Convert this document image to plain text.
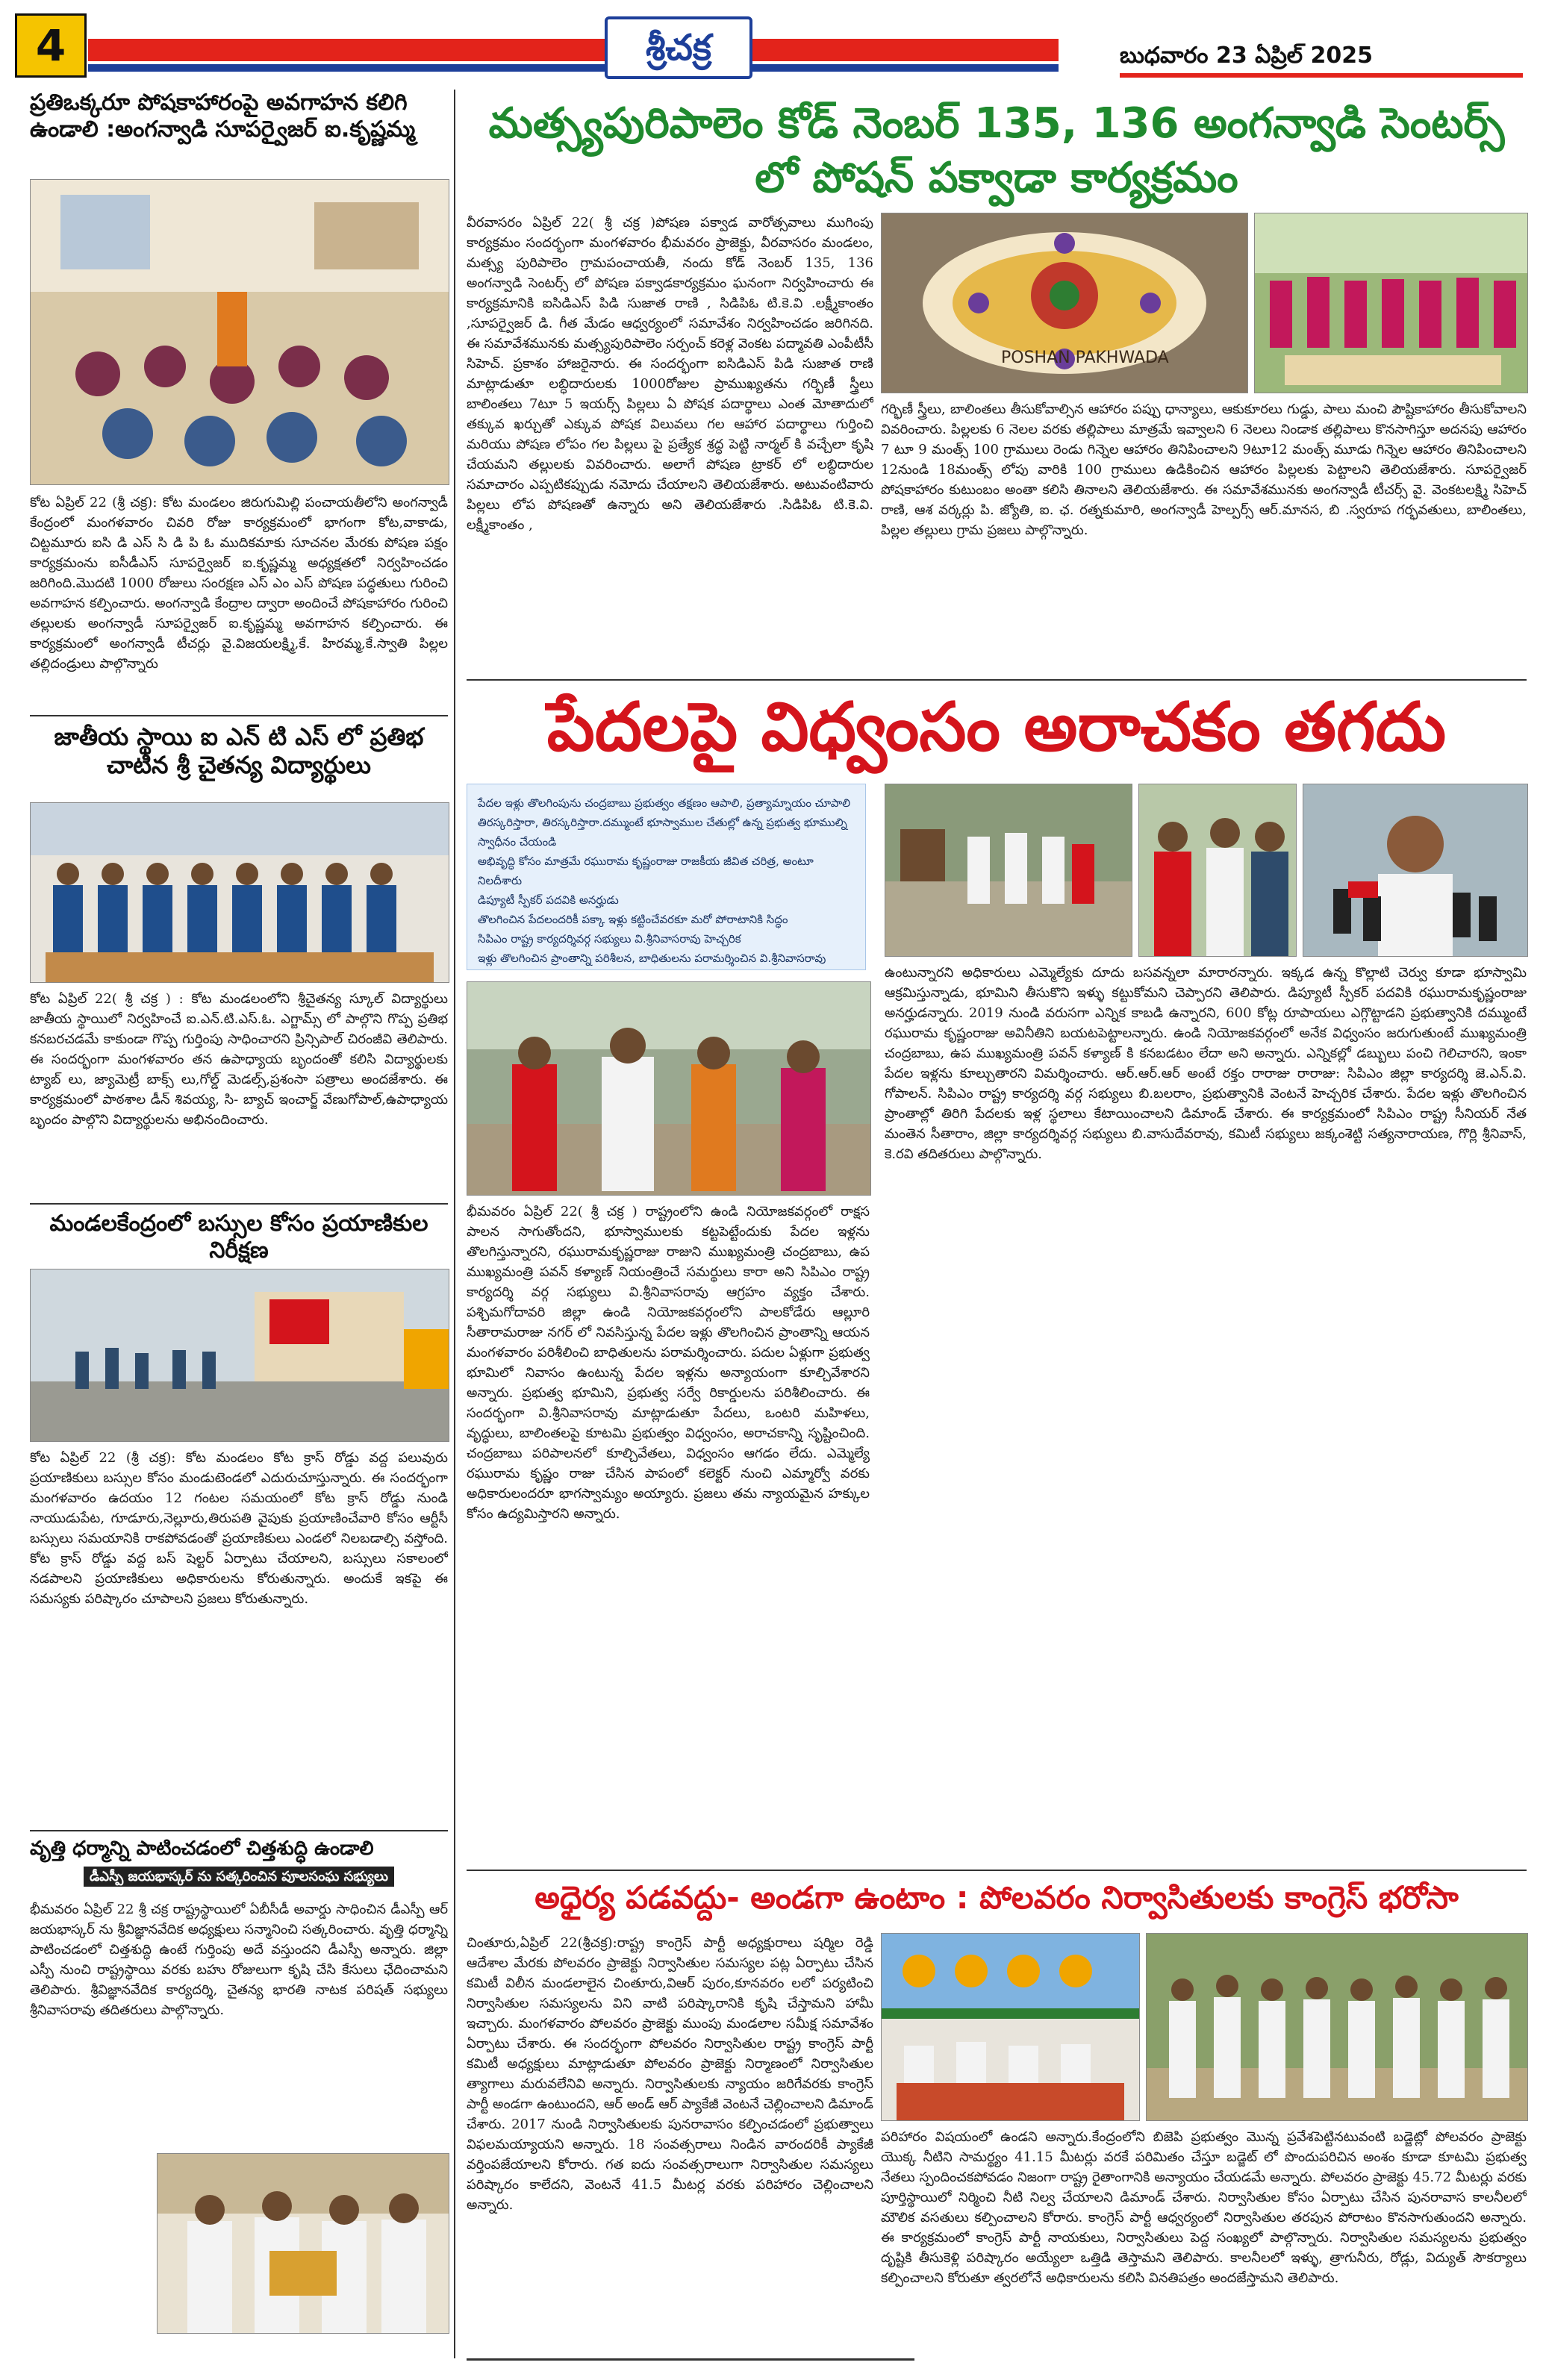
4	శ్రీచక్ర	బుధవారం 23 ఏప్రిల్ 2025
ప్రతిఒక్కరూ పోషకాహారంపై అవగాహన కలిగి ఉండాలి :అంగన్వాడి సూపర్వైజర్ ఐ.కృష్ణమ్మ

కోట ఏప్రిల్ 22 (శ్రీ చక్ర): కోట మండలం జిరుగుమిల్లి పంచాయతీలోని అంగన్వాడీ కేంద్రంలో మంగళవారం చివరి రోజు కార్యక్రమంలో భాగంగా కోట,వాకాడు, చిట్టమూరు ఐసి డి ఎస్ సి డి పి ఓ ముదికమాకు సూచనల మేరకు పోషణ పక్షం కార్యక్రమంను ఐసీడీఎస్ సూపర్వైజర్ ఐ.కృష్ణమ్మ అధ్యక్షతలో నిర్వహించడం జరిగింది.మొదటి 1000 రోజులు సంరక్షణ ఎస్ ఎం ఎస్ పోషణ పద్ధతులు గురించి అవగాహన కల్పించారు. అంగన్వాడి కేంద్రాల ద్వారా అందించే పోషకాహారం గురించి తల్లులకు అంగన్వాడీ సూపర్వైజర్ ఐ.కృష్ణమ్మ అవగాహన కల్పించారు. ఈ కార్యక్రమంలో అంగన్వాడీ టీచర్లు వై.విజయలక్ష్మి,కే. హిరమ్మ,కే.స్వాతి పిల్లల తల్లిదండ్రులు పాల్గొన్నారు

జాతీయ స్థాయి ఐ ఎన్ టి ఎస్ లో ప్రతిభ చాటిన శ్రీ చైతన్య విద్యార్థులు

కోట ఏప్రిల్ 22( శ్రీ చక్ర ) : కోట మండలంలోని శ్రీచైతన్య స్కూల్ విద్యార్థులు జాతీయ స్థాయిలో నిర్వహించే ఐ.ఎన్.టి.ఎస్.ఓ. ఎగ్జామ్స్ లో పాల్గొని గొప్ప ప్రతిభ కనబరచడమే కాకుండా గొప్ప గుర్తింపు సాధించారని ప్రిన్సిపాల్ చిరంజీవి తెలిపారు. ఈ సందర్భంగా మంగళవారం తన ఉపాధ్యాయ బృందంతో కలిసి విద్యార్థులకు ట్యాబ్ లు, జ్యామెట్రీ బాక్స్ లు,గోల్డ్ మెడల్స్,ప్రశంసా పత్రాలు అందజేశారు. ఈ కార్యక్రమంలో పాఠశాల డీన్ శివయ్య, సి- బ్యాచ్ ఇంచార్జ్ వేణుగోపాల్,ఉపాధ్యాయ బృందం పాల్గొని విద్యార్థులను అభినందించారు.

మండలకేంద్రంలో బస్సుల కోసం ప్రయాణికుల నిరీక్షణ

కోట ఏప్రిల్ 22 (శ్రీ చక్ర): కోట మండలం కోట క్రాస్ రోడ్డు వద్ద పలువురు ప్రయాణికులు బస్సుల కోసం మండుటెండలో ఎదురుచూస్తున్నారు. ఈ సందర్భంగా మంగళవారం ఉదయం 12 గంటల సమయంలో కోట క్రాస్ రోడ్డు నుండి నాయుడుపేట, గూడూరు,నెల్లూరు,తిరుపతి వైపుకు ప్రయాణించేవారి కోసం ఆర్టీసీ బస్సులు సమయానికి రాకపోవడంతో ప్రయాణికులు ఎండలో నిలబడాల్సి వస్తోంది. కోట క్రాస్ రోడ్డు వద్ద బస్ షెల్టర్ ఏర్పాటు చేయాలని, బస్సులు సకాలంలో నడపాలని ప్రయాణికులు అధికారులను కోరుతున్నారు. అందుకే ఇకపై ఈ సమస్యకు పరిష్కారం చూపాలని ప్రజలు కోరుతున్నారు.

వృత్తి ధర్మాన్ని పాటించడంలో చిత్తశుద్ధి ఉండాలి
డీఎస్పీ జయభాస్కర్ ను సత్కరించిన పూలసంఘ సభ్యులు

భీమవరం ఏప్రిల్ 22 శ్రీ చక్ర రాష్ట్రస్థాయిలో ఏబీసీడీ అవార్డు సాధించిన డీఎస్పీ ఆర్ జయభాస్కర్ ను శ్రీవిజ్ఞానవేదిక అధ్యక్షులు సన్మానించి సత్కరించారు. వృత్తి ధర్మాన్ని పాటించడంలో చిత్తశుద్ధి ఉంటే గుర్తింపు అదే వస్తుందని డీఎస్పీ అన్నారు. జిల్లా ఎస్పీ నుంచి రాష్ట్రస్థాయి వరకు బహు రోజులుగా కృషి చేసి కేసులు ఛేదించామని తెలిపారు. శ్రీవిజ్ఞానవేదిక కార్యదర్శి, చైతన్య భారతి నాటక పరిషత్ సభ్యులు శ్రీనివాసరావు తదితరులు పాల్గొన్నారు.

మత్స్యపురిపాలెం కోడ్ నెంబర్ 135, 136 అంగన్వాడి సెంటర్స్ లో పోషన్ పక్వాడా కార్యక్రమం
POSHAN PAKHWADA

వీరవాసరం ఏప్రిల్ 22( శ్రీ చక్ర )పోషణ పక్వాడ వారోత్సవాలు ముగింపు కార్యక్రమం సందర్భంగా మంగళవారం భీమవరం ప్రాజెక్టు, వీరవాసరం మండలం, మత్స్య పురిపాలెం గ్రామపంచాయతీ, నందు కోడ్ నెంబర్ 135, 136 అంగన్వాడి సెంటర్స్ లో పోషణ పక్వాడకార్యక్రమం ఘనంగా నిర్వహించారు ఈ కార్యక్రమానికి ఐసిడిఎస్ పిడి సుజాత రాణి , సిడిపిఓ టి.కె.వి .లక్ష్మీకాంతం ,సూపర్వైజర్ డి. గీత మేడం ఆధ్వర్యంలో సమావేశం నిర్వహించడం జరిగినది. ఈ సమావేశమునకు మత్స్యపురిపాలెం సర్పంచ్ కరెళ్ల వెంకట పద్మావతి ఎంపీటీసీ సిహెచ్. ప్రకాశం హాజరైనారు. ఈ సందర్భంగా ఐసిడిఎస్ పిడి సుజాత రాణి మాట్లాడుతూ లబ్ధిదారులకు 1000రోజుల ప్రాముఖ్యతను గర్భిణీ స్త్రీలు బాలింతలు 7టూ 5 ఇయర్స్ పిల్లలు ఏ పోషక పదార్థాలు ఎంత మోతాదులో తక్కువ ఖర్చుతో ఎక్కువ పోషక విలువలు గల ఆహార పదార్థాలు గుర్తించి మరియు పోషణ లోపం గల పిల్లలు పై ప్రత్యేక శ్రద్ధ పెట్టి నార్మల్ కి వచ్చేలా కృషి చేయమని తల్లులకు వివరించారు. అలాగే పోషణ ట్రాకర్ లో లబ్ధిదారుల సమాచారం ఎప్పటికప్పుడు నమోదు చేయాలని తెలియజేశారు. అటువంటివారు పిల్లలు లోప పోషణతో ఉన్నారు అని తెలియజేశారు .సిడిపిఓ టి.కె.వి. లక్ష్మీకాంతం ,

గర్భిణీ స్త్రీలు, బాలింతలు తీసుకోవాల్సిన ఆహారం పప్పు ధాన్యాలు, ఆకుకూరలు గుడ్డు, పాలు మంచి పౌష్టికాహారం తీసుకోవాలని వివరించారు. పిల్లలకు 6 నెలల వరకు తల్లిపాలు మాత్రమే ఇవ్వాలని 6 నెలలు నిండాక తల్లిపాలు కొనసాగిస్తూ అదనపు ఆహారం 7 టూ 9 మంత్స్ 100 గ్రాములు రెండు గిన్నెల ఆహారం తినిపించాలని 9టూ12 మంత్స్ మూడు గిన్నెల ఆహారం తినిపించాలని 12నుండి 18మంత్స్ లోపు వారికి 100 గ్రాములు ఉడికించిన ఆహారం పిల్లలకు పెట్టాలని తెలియజేశారు. సూపర్వైజర్ పోషకాహారం కుటుంబం అంతా కలిసి తినాలని తెలియజేశారు. ఈ సమావేశమునకు అంగన్వాడీ టీచర్స్ వై. వెంకటలక్ష్మి సిహెచ్ రాణి, ఆశ వర్కర్లు పి. జ్యోతి, ఐ. ఛ. రత్నకుమారి, అంగన్వాడీ హెల్పర్స్ ఆర్.మానస, బి .స్వరూప గర్భవతులు, బాలింతలు, పిల్లల తల్లులు గ్రామ ప్రజలు పాల్గొన్నారు.

పేదలపై విధ్వంసం అరాచకం తగదు
పేదల ఇళ్లు తొలగింపును చంద్రబాబు ప్రభుత్వం తక్షణం ఆపాలి, ప్రత్యామ్నాయం చూపాలి
తిరస్కరిస్తారా, తిరస్కరిస్తారా.దమ్ముంటే భూస్వాముల చేతుల్లో ఉన్న ప్రభుత్వ భూముల్ని స్వాధీనం చేయండి
అభివృద్ధి కోసం మాత్రమే రఘురామ కృష్ణంరాజు రాజకీయ జీవిత చరిత్ర, అంటూ నిలదీశారు
డిప్యూటీ స్పీకర్ పదవికి అనర్హుడు
తొలగించిన పేదలందరికీ పక్కా ఇళ్లు కట్టించేవరకూ మరో పోరాటానికి సిద్ధం
సిపిఎం రాష్ట్ర కార్యదర్శివర్గ సభ్యులు వి.శ్రీనివాసరావు హెచ్చరిక
ఇళ్లు తొలగించిన ప్రాంతాన్ని పరిశీలన, బాధితులను పరామర్శించిన వి.శ్రీనివాసరావు

భీమవరం ఏప్రిల్ 22( శ్రీ చక్ర ) రాష్ట్రంలోని ఉండి నియోజకవర్గంలో రాక్షస పాలన సాగుతోందని, భూస్వాములకు కట్టపెట్టేందుకు పేదల ఇళ్లను తొలగిస్తున్నారని, రఘురామకృష్ణరాజు రాజుని ముఖ్యమంత్రి చంద్రబాబు, ఉప ముఖ్యమంత్రి పవన్ కళ్యాణ్ నియంత్రించే సమర్థులు కారా అని సిపిఎం రాష్ట్ర కార్యదర్శి వర్గ సభ్యులు వి.శ్రీనివాసరావు ఆగ్రహం వ్యక్తం చేశారు. పశ్చిమగోదావరి జిల్లా ఉండి నియోజకవర్గంలోని పాలకోడేరు ఆల్లూరి సీతారామరాజు నగర్ లో నివసిస్తున్న పేదల ఇళ్లు తొలగించిన ప్రాంతాన్ని ఆయన మంగళవారం పరిశీలించి బాధితులను పరామర్శించారు. పదుల ఏళ్లుగా ప్రభుత్వ భూమిలో నివాసం ఉంటున్న పేదల ఇళ్లను అన్యాయంగా కూల్చివేశారని అన్నారు. ప్రభుత్వ భూమిని, ప్రభుత్వ సర్వే రికార్డులను పరిశీలించారు. ఈ సందర్భంగా వి.శ్రీనివాసరావు మాట్లాడుతూ పేదలు, ఒంటరి మహిళలు, వృద్ధులు, బాలింతలపై కూటమి ప్రభుత్వం విధ్వంసం, అరాచకాన్ని సృష్టించింది. చంద్రబాబు పరిపాలనలో కూల్చివేతలు, విధ్వంసం ఆగడం లేదు. ఎమ్మెల్యే రఘురామ కృష్ణం రాజు చేసిన పాపంలో కలెక్టర్ నుంచి ఎమ్మార్వో వరకు అధికారులందరూ భాగస్వామ్యం అయ్యారు. ప్రజలు తమ న్యాయమైన హక్కుల కోసం ఉద్యమిస్తారని అన్నారు.

ఉంటున్నారని అధికారులు ఎమ్మెల్యేకు దూదు బసవన్నలా మారారన్నారు. ఇక్కడ ఉన్న కొల్లాటి చెర్వు కూడా భూస్వామి ఆక్రమిస్తున్నాడు, భూమిని తీసుకొని ఇళ్ళు కట్టుకోమని చెప్పారని తెలిపారు. డిప్యూటీ స్పీకర్ పదవికి రఘురామకృష్ణంరాజు అనర్హుడన్నారు. 2019 నుండి వరుసగా ఎన్నిక కాబడి ఉన్నారని, 600 కోట్ల రూపాయలు ఎగ్గొట్టాడని ప్రభుత్వానికి దమ్ముంటే రఘురామ కృష్ణంరాజు అవినీతిని బయటపెట్టాలన్నారు. ఉండి నియోజకవర్గంలో అనేక విధ్వంసం జరుగుతుంటే ముఖ్యమంత్రి చంద్రబాబు, ఉప ముఖ్యమంత్రి పవన్ కళ్యాణ్ కి కనబడటం లేదా అని అన్నారు. ఎన్నికల్లో డబ్బులు పంచి గెలిచారని, ఇంకా పేదల ఇళ్లను కూల్చుతారని విమర్శించారు. ఆర్.ఆర్.ఆర్ అంటే రక్తం రారాజు రారాజు: సిపిఎం జిల్లా కార్యదర్శి జె.ఎన్.వి. గోపాలన్. సిపిఎం రాష్ట్ర కార్యదర్శి వర్గ సభ్యులు బి.బలరాం, ప్రభుత్వానికి వెంటనే హెచ్చరిక చేశారు. పేదల ఇళ్లు తొలగించిన ప్రాంతాల్లో తిరిగి పేదలకు ఇళ్ల స్థలాలు కేటాయించాలని డిమాండ్ చేశారు. ఈ కార్యక్రమంలో సిపిఎం రాష్ట్ర సీనియర్ నేత మంతెన సీతారాం, జిల్లా కార్యదర్శివర్గ సభ్యులు బి.వాసుదేవరావు, కమిటీ సభ్యులు జక్కంశెట్టి సత్యనారాయణ, గొర్లి శ్రీనివాస్, కె.రవి తదితరులు పాల్గొన్నారు.

అధైర్య పడవద్దు- అండగా ఉంటాం : పోలవరం నిర్వాసితులకు కాంగ్రెస్ భరోసా

చింతూరు,ఏప్రిల్ 22(శ్రీచక్ర):రాష్ట్ర కాంగ్రెస్ పార్టీ అధ్యక్షురాలు షర్మిల రెడ్డి ఆదేశాల మేరకు పోలవరం ప్రాజెక్టు నిర్వాసితుల సమస్యల పట్ల ఏర్పాటు చేసిన కమిటీ విలీన మండలాలైన చింతూరు,విఆర్ పురం,కూనవరం లలో పర్యటించి నిర్వాసితుల సమస్యలను విని వాటి పరిష్కారానికి కృషి చేస్తామని హామీ ఇచ్చారు. మంగళవారం పోలవరం ప్రాజెక్టు ముంపు మండలాల సమీక్ష సమావేశం ఏర్పాటు చేశారు. ఈ సందర్భంగా పోలవరం నిర్వాసితుల రాష్ట్ర కాంగ్రెస్ పార్టీ కమిటీ అధ్యక్షులు మాట్లాడుతూ పోలవరం ప్రాజెక్టు నిర్మాణంలో నిర్వాసితుల త్యాగాలు మరువలేనివి అన్నారు. నిర్వాసితులకు న్యాయం జరిగేవరకు కాంగ్రెస్ పార్టీ అండగా ఉంటుందని, ఆర్ అండ్ ఆర్ ప్యాకేజీ వెంటనే చెల్లించాలని డిమాండ్ చేశారు. 2017 నుండి నిర్వాసితులకు పునరావాసం కల్పించడంలో ప్రభుత్వాలు విఫలమయ్యాయని అన్నారు. 18 సంవత్సరాలు నిండిన వారందరికీ ప్యాకేజీ వర్తింపజేయాలని కోరారు. గత ఐదు సంవత్సరాలుగా నిర్వాసితుల సమస్యలు పరిష్కారం కాలేదని, వెంటనే 41.5 మీటర్ల వరకు పరిహారం చెల్లించాలని అన్నారు.

పరిహారం విషయంలో ఉండని అన్నారు.కేంద్రంలోని బిజెపి ప్రభుత్వం మొన్న ప్రవేశపెట్టినటువంటి బడ్జెట్లో పోలవరం ప్రాజెక్టు యొక్క నీటిని సామర్థ్యం 41.15 మీటర్లు వరకే పరిమితం చేస్తూ బడ్జెట్ లో పొందుపరిచిన అంశం కూడా కూటమి ప్రభుత్వ నేతలు స్పందించకపోవడం నిజంగా రాష్ట్ర రైతాంగానికి అన్యాయం చేయడమే అన్నారు. పోలవరం ప్రాజెక్టు 45.72 మీటర్లు వరకు పూర్తిస్థాయిలో నిర్మించి నీటి నిల్వ చేయాలని డిమాండ్ చేశారు. నిర్వాసితుల కోసం ఏర్పాటు చేసిన పునరావాస కాలనీలలో మౌలిక వసతులు కల్పించాలని కోరారు. కాంగ్రెస్ పార్టీ ఆధ్వర్యంలో నిర్వాసితుల తరపున పోరాటం కొనసాగుతుందని అన్నారు. ఈ కార్యక్రమంలో కాంగ్రెస్ పార్టీ నాయకులు, నిర్వాసితులు పెద్ద సంఖ్యలో పాల్గొన్నారు. నిర్వాసితుల సమస్యలను ప్రభుత్వం దృష్టికి తీసుకెళ్లి పరిష్కారం అయ్యేలా ఒత్తిడి తెస్తామని తెలిపారు. కాలనీలలో ఇళ్ళు, త్రాగునీరు, రోడ్లు, విద్యుత్ సౌకర్యాలు కల్పించాలని కోరుతూ త్వరలోనే అధికారులను కలిసి వినతిపత్రం అందజేస్తామని తెలిపారు.
